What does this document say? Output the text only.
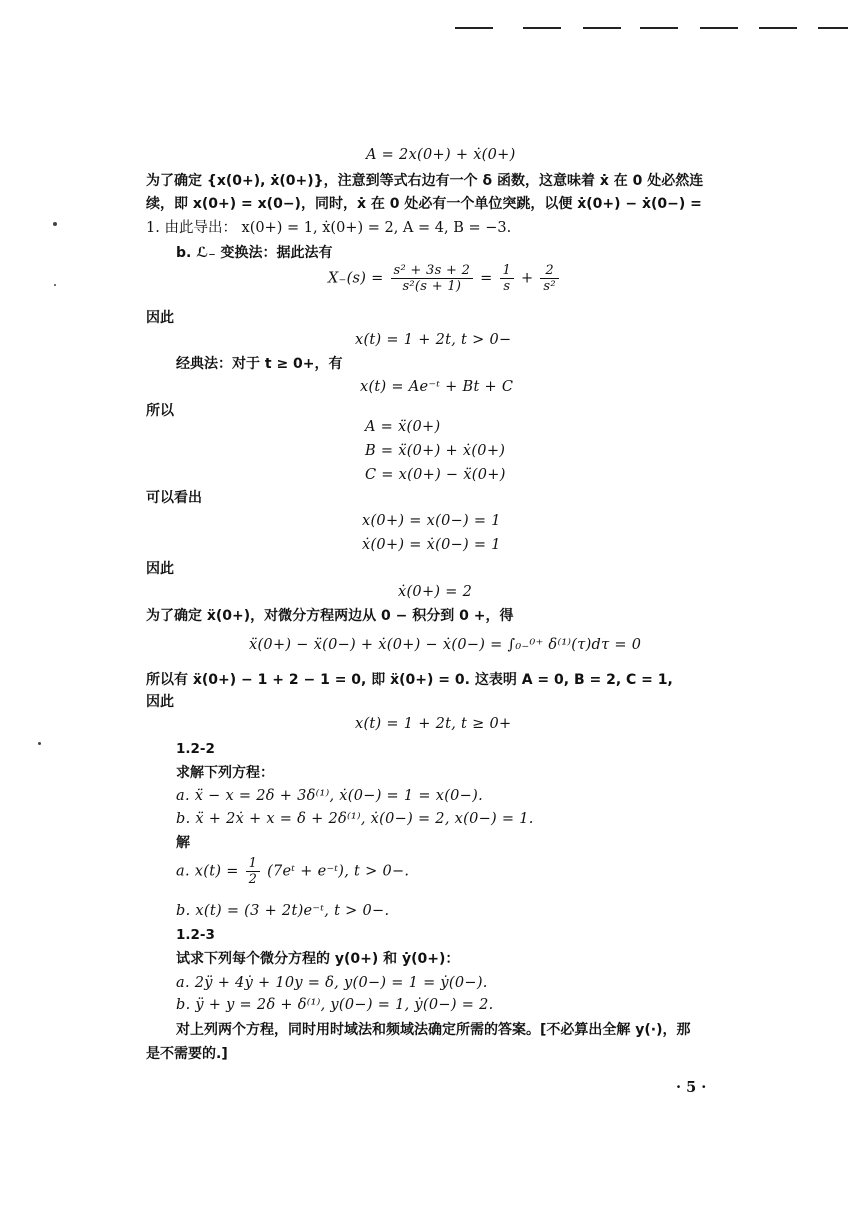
A = 2x(0+) + ẋ(0+)
为了确定 {x(0+), ẋ(0+)}，注意到等式右边有一个 δ 函数，这意味着 ẋ 在 0 处必然连
续，即 x(0+) = x(0−)，同时，ẋ 在 0 处必有一个单位突跳，以便 ẋ(0+) − ẋ(0−) =
1. 由此导出： x(0+) = 1, ẋ(0+) = 2, A = 4, B = −3.
b. ℒ₋ 变换法：据此法有
$X_-(s) = \frac{\text{s² + 3s + 2}}{\text{s²(s + 1)}} = \frac{1}{s} + \frac{2}{\text{s²}}$
因此
x(t) = 1 + 2t, t > 0−
经典法：对于 t ≥ 0+，有
x(t) = Ae⁻ᵗ + Bt + C
所以
A = ẍ(0+)
B = ẍ(0+) + ẋ(0+)
C = x(0+) − ẍ(0+)
可以看出
x(0+) = x(0−) = 1
ẋ(0+) = ẋ(0−) = 1
因此
ẋ(0+) = 2
为了确定 ẍ(0+)，对微分方程两边从 0 − 积分到 0 +，得
ẍ(0+) − ẍ(0−) + ẋ(0+) − ẋ(0−) = ∫₀₋⁰⁺ δ⁽¹⁾(τ)dτ = 0
所以有 ẍ(0+) − 1 + 2 − 1 = 0, 即 ẍ(0+) = 0. 这表明 A = 0, B = 2, C = 1,
因此
x(t) = 1 + 2t, t ≥ 0+
1.2-2
求解下列方程：
a. ẍ − x = 2δ + 3δ⁽¹⁾, ẋ(0−) = 1 = x(0−).
b. ẍ + 2ẋ + x = δ + 2δ⁽¹⁾, ẋ(0−) = 2, x(0−) = 1.
解
a. $x(t) = \frac{1}{2}$ (7eᵗ + e⁻ᵗ), t > 0−.
b. x(t) = (3 + 2t)e⁻ᵗ, t > 0−.
1.2-3
试求下列每个微分方程的 y(0+) 和 ẏ(0+)：
a. 2ÿ + 4ẏ + 10y = δ, y(0−) = 1 = ẏ(0−).
b. ÿ + y = 2δ + δ⁽¹⁾, y(0−) = 1, ẏ(0−) = 2.
对上列两个方程，同时用时域法和频域法确定所需的答案。[不必算出全解 y(·)，那
是不需要的.]
· 5 ·
